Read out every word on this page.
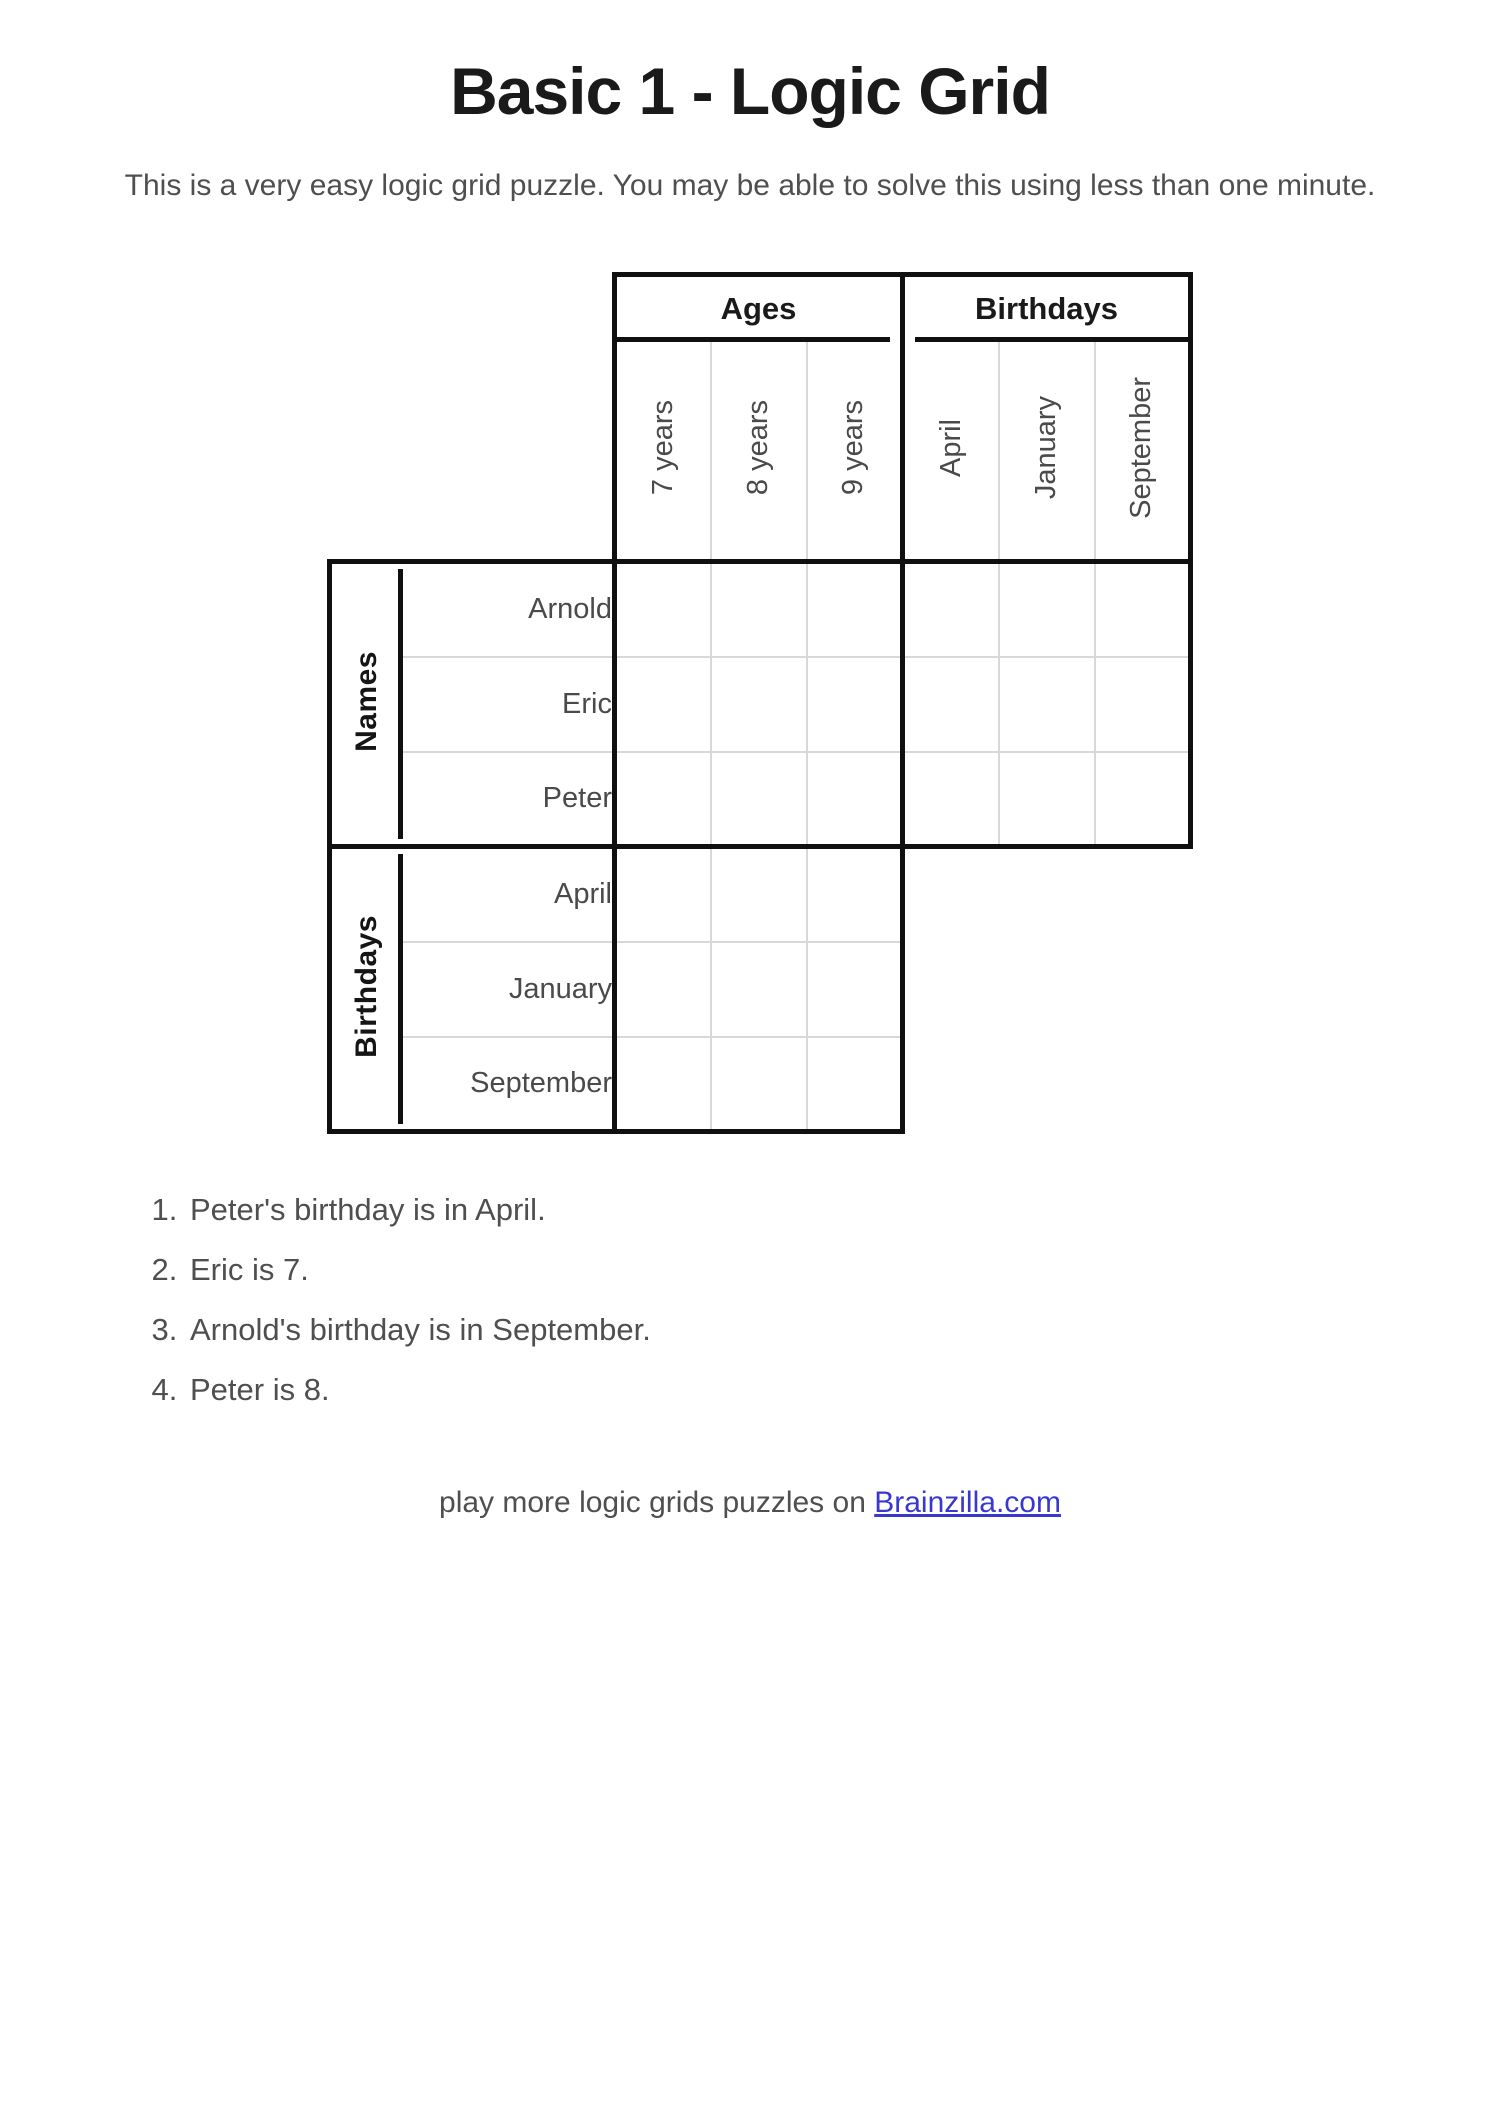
Basic 1 - Logic Grid

This is a very easy logic grid puzzle. You may be able to solve this using less than one minute.

		Ages			Birthdays		

		7 years	8 years	9 years	April	January	September
Names	Arnold						
	Eric						
	Peter						
Birthdays	April						
	January						
	September						
1. Peter's birthday is in April.
2. Eric is 7.
3. Arnold's birthday is in September.
4. Peter is 8.

play more logic grids puzzles on Brainzilla.com
